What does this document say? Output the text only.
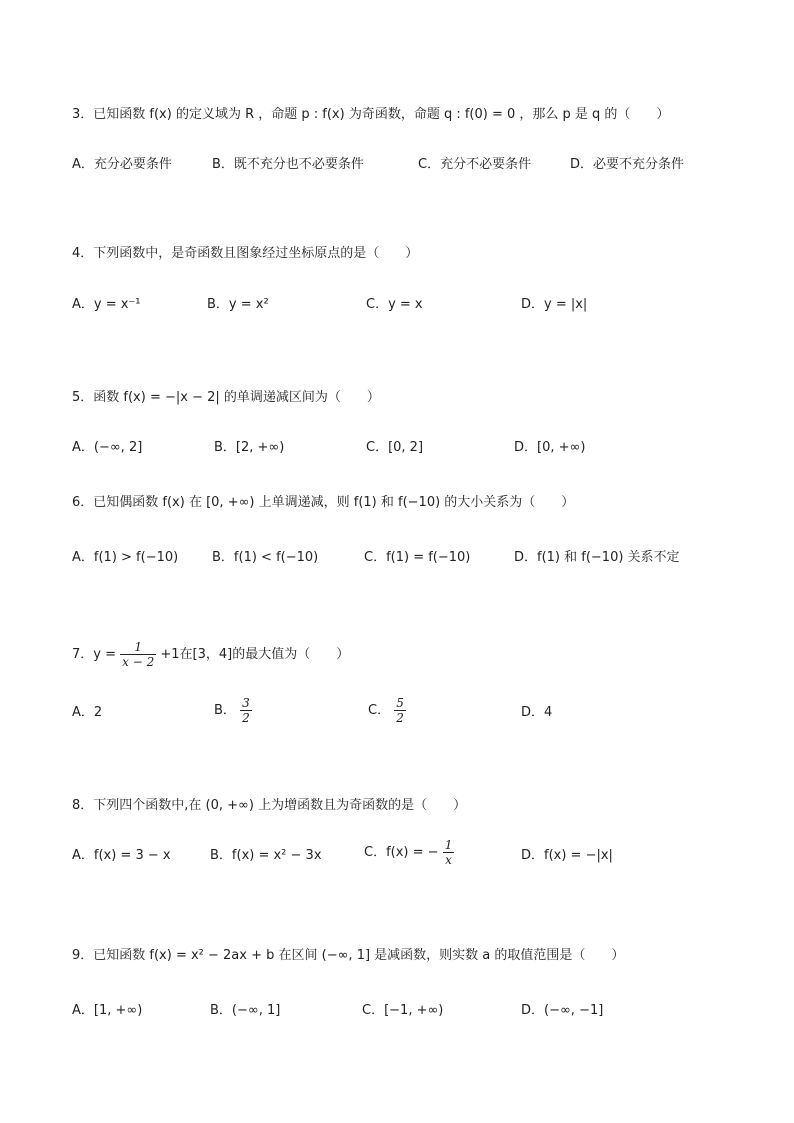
3．已知函数 f(x) 的定义域为 R ，命题 p : f(x) 为奇函数，命题 q : f(0) = 0 ，那么 p 是 q 的（　　）
A．充分必要条件	B．既不充分也不必要条件	C．充分不必要条件	D．必要不充分条件
4．下列函数中，是奇函数且图象经过坐标原点的是（　　）
A．y = x⁻¹	B．y = x²	C．y = x	D．y = |x|
5．函数 f(x) = −|x − 2| 的单调递减区间为（　　）
A．(−∞, 2]	B．[2, +∞)	C．[0, 2]	D．[0, +∞)
6．已知偶函数 f(x) 在 [0, +∞) 上单调递减，则 f(1) 和 f(−10) 的大小关系为（　　）
A．f(1) > f(−10)	B．f(1) < f(−10)	C．f(1) = f(−10)	D．f(1) 和 f(−10) 关系不定
7．$y = \frac{1}{x - 2} +1$在[3，4]的最大值为（　　）
A．2	B． $\frac{3}{2}$	C． $\frac{5}{2}$	D．4
8．下列四个函数中,在 (0, +∞) 上为增函数且为奇函数的是（　　）
A．f(x) = 3 − x	B．f(x) = x² − 3x	C．f(x) = − $\frac{1}{x}$	D．f(x) = −|x|
9．已知函数 f(x) = x² − 2ax + b 在区间 (−∞, 1] 是减函数，则实数 a 的取值范围是（　　）
A．[1, +∞)	B．(−∞, 1]	C．[−1, +∞)	D．(−∞, −1]
